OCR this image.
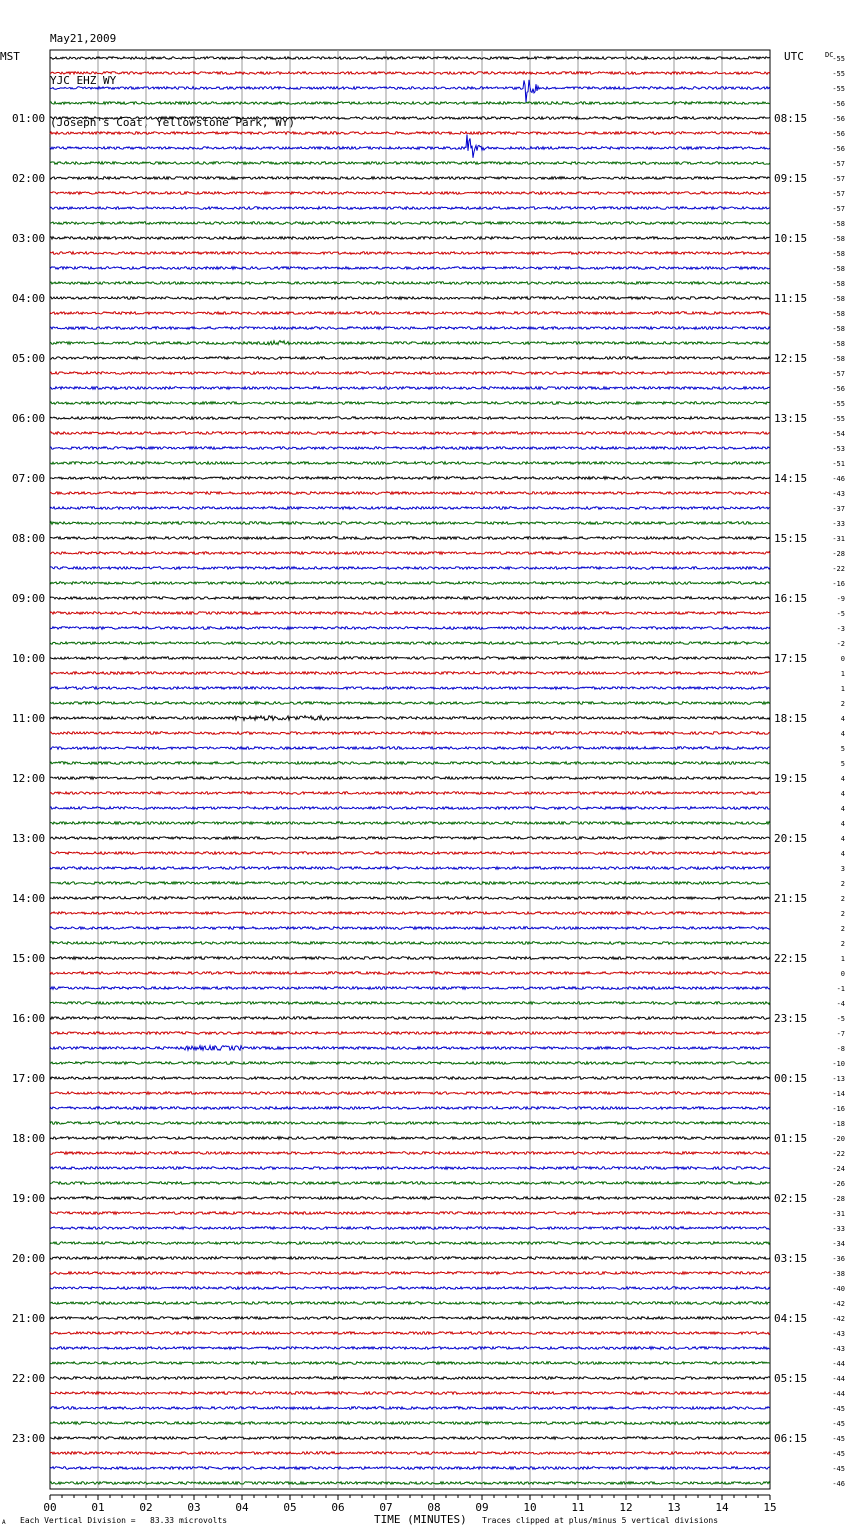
May21,2009

YJC EHZ WY

(Joseph's Coat, Yellowstone Park, WY)

MST	UTC	DC
A Each Vertical Division =   83.33 microvolts	TIME (MINUTES) Traces clipped at plus/minus 5 vertical divisions
-55
-55
-55
-56
-56
-56
-56
-57
-57
-57
-57
-58
-58
-58
-58
-58
-58
-58
-58
-58
-58
-57
-56
-55
-55
-54
-53
-51
-46
-43
-37
-33
-31
-28
-22
-16
-9
-5
-3
-2
0
1
1
2
4
4
5
5
4
4
4
4
4
4
3
2
2
2
2
2
1
0
-1
-4
-5
-7
-8
-10
-13
-14
-16
-18
-20
-22
-24
-26
-28
-31
-33
-34
-36
-38
-40
-42
-42
-43
-43
-44
-44
-44
-45
-45
-45
-45
-45
-46
01:00	08:15
02:00	09:15
03:00	10:15
04:00	11:15
05:00	12:15
06:00	13:15
07:00	14:15
08:00	15:15
09:00	16:15
10:00	17:15
11:00	18:15
12:00	19:15
13:00	20:15
14:00	21:15
15:00	22:15
16:00	23:15
17:00	00:15
18:00	01:15
19:00	02:15
20:00	03:15
21:00	04:15
22:00	05:15
23:00	06:15
00	01	02	03	04	05	06	07	08	09	10	11	12	13	14	15
